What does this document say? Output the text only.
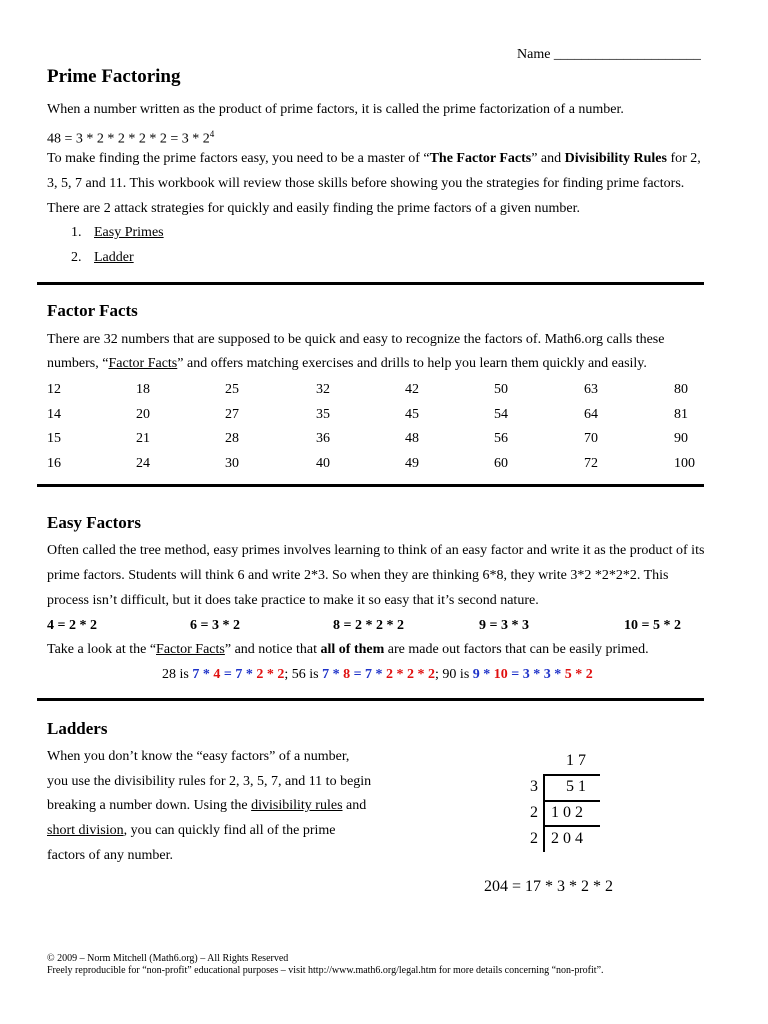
Name _____________________
Prime Factoring
When a number written as the product of prime factors, it is called the prime factorization of a number.
$48 = 3 * 2 * 2 * 2 * 2 = 3 * 2^4$
To make finding the prime factors easy, you need to be a master of “The Factor Facts” and Divisibility Rules for 2,
3, 5, 7 and 11. This workbook will review those skills before showing you the strategies for finding prime factors.
There are 2 attack strategies for quickly and easily finding the prime factors of a given number.
1. Easy Primes
2. Ladder
Factor Facts
There are 32 numbers that are supposed to be quick and easy to recognize the factors of. Math6.org calls these
numbers, “Factor Facts” and offers matching exercises and drills to help you learn them quickly and easily.
12	18	25	32	42	50	63	80
14	20	27	35	45	54	64	81
15	21	28	36	48	56	70	90
16	24	30	40	49	60	72	100
Easy Factors
Often called the tree method, easy primes involves learning to think of an easy factor and write it as the product of its
prime factors. Students will think 6 and write 2*3. So when they are thinking 6*8, they write 3*2 *2*2*2. This
process isn’t difficult, but it does take practice to make it so easy that it’s second nature.
4 = 2 * 2	6 = 3 * 2	8 = 2 * 2 * 2	9 = 3 * 3	10 = 5 * 2
Take a look at the “Factor Facts” and notice that all of them are made out factors that can be easily primed.
28 is 7 * 4 = 7 * 2 * 2; 56 is 7 * 8 = 7 * 2 * 2 * 2; 90 is 9 * 10 = 3 * 3 * 5 * 2
Ladders
When you don’t know the “easy factors” of a number,
you use the divisibility rules for 2, 3, 5, 7, and 11 to begin
breaking a number down. Using the divisibility rules and
short division, you can quickly find all of the prime
factors of any number.
1 7
3 5 1
2 1 0 2
2 2 0 4
204 = 17 * 3 * 2 * 2
© 2009 – Norm Mitchell (Math6.org) – All Rights Reserved
Freely reproducible for “non-profit” educational purposes – visit http://www.math6.org/legal.htm for more details concerning “non-profit”.
